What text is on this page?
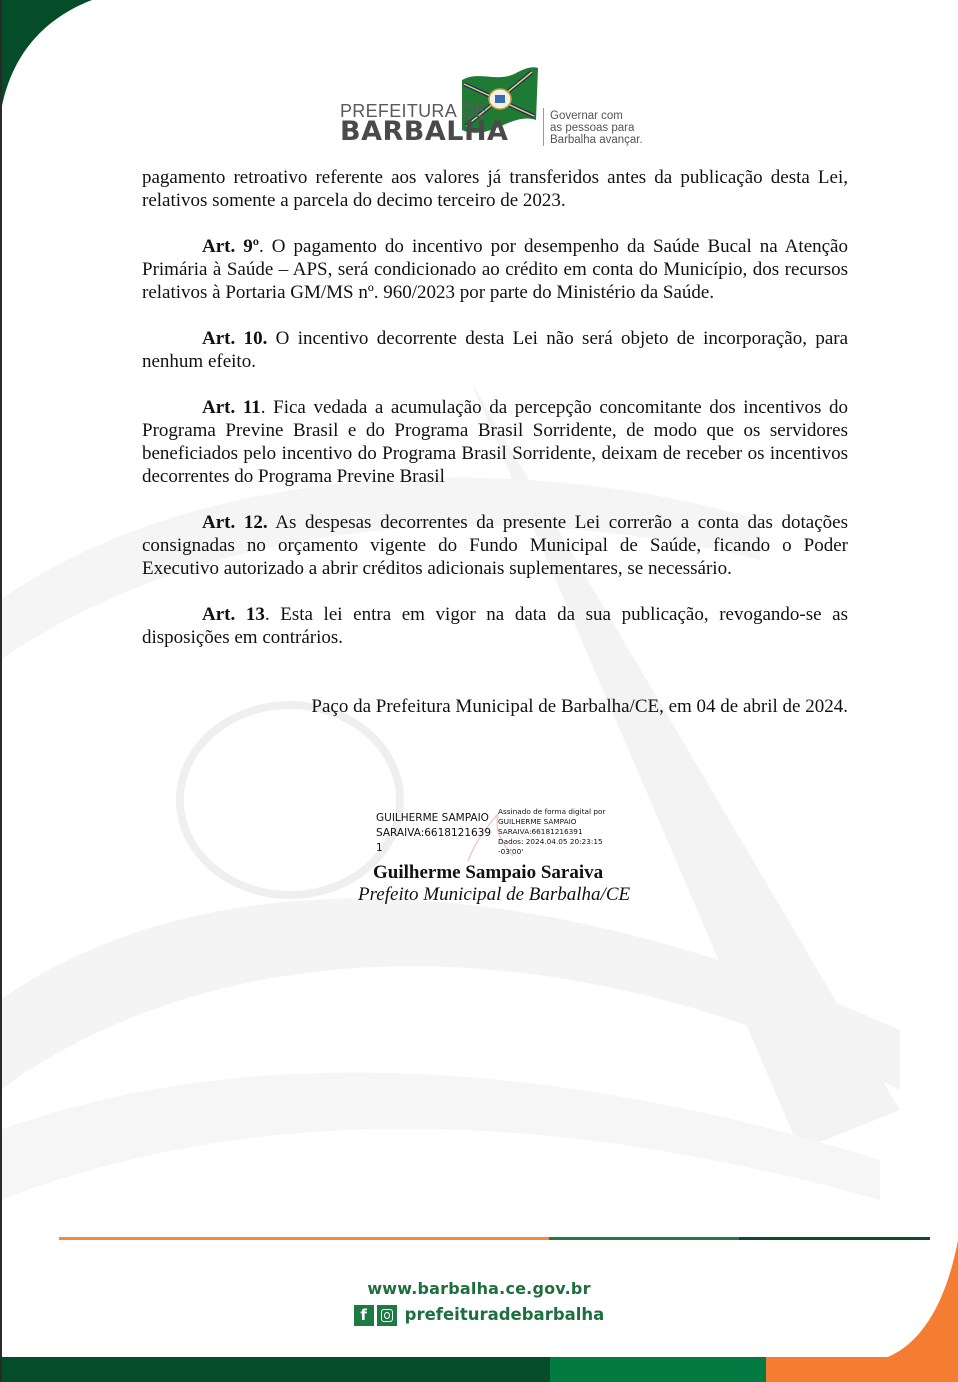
PREFEITURA DE
BARBALHA	Governar com
as pessoas para
Barbalha avançar.

pagamento retroativo referente aos valores já transferidos antes da publicação desta Lei, relativos somente a parcela do decimo terceiro de 2023.

Art. 9º. O pagamento do incentivo por desempenho da Saúde Bucal na Atenção Primária à Saúde – APS, será condicionado ao crédito em conta do Município, dos recursos relativos à Portaria GM/MS nº. 960/2023 por parte do Ministério da Saúde.

Art. 10. O incentivo decorrente desta Lei não será objeto de incorporação, para nenhum efeito.

Art. 11. Fica vedada a acumulação da percepção concomitante dos incentivos do Programa Previne Brasil e do Programa Brasil Sorridente, de modo que os servidores beneficiados pelo incentivo do Programa Brasil Sorridente, deixam de receber os incentivos decorrentes do Programa Previne Brasil

Art. 12. As despesas decorrentes da presente Lei correrão a conta das dotações consignadas no orçamento vigente do Fundo Municipal de Saúde, ficando o Poder Executivo autorizado a abrir créditos adicionais suplementares, se necessário.

Art. 13. Esta lei entra em vigor na data da sua publicação, revogando-se as disposições em contrários.

Paço da Prefeitura Municipal de Barbalha/CE, em 04 de abril de 2024.

GUILHERME SAMPAIO
SARAIVA:6618121639
1
Assinado de forma digital por
GUILHERME SAMPAIO
SARAIVA:66181216391
Dados: 2024.04.05 20:23:15
-03'00'
Guilherme Sampaio Saraiva
Prefeito Municipal de Barbalha/CE
www.barbalha.ce.gov.br
f	prefeituradebarbalha
